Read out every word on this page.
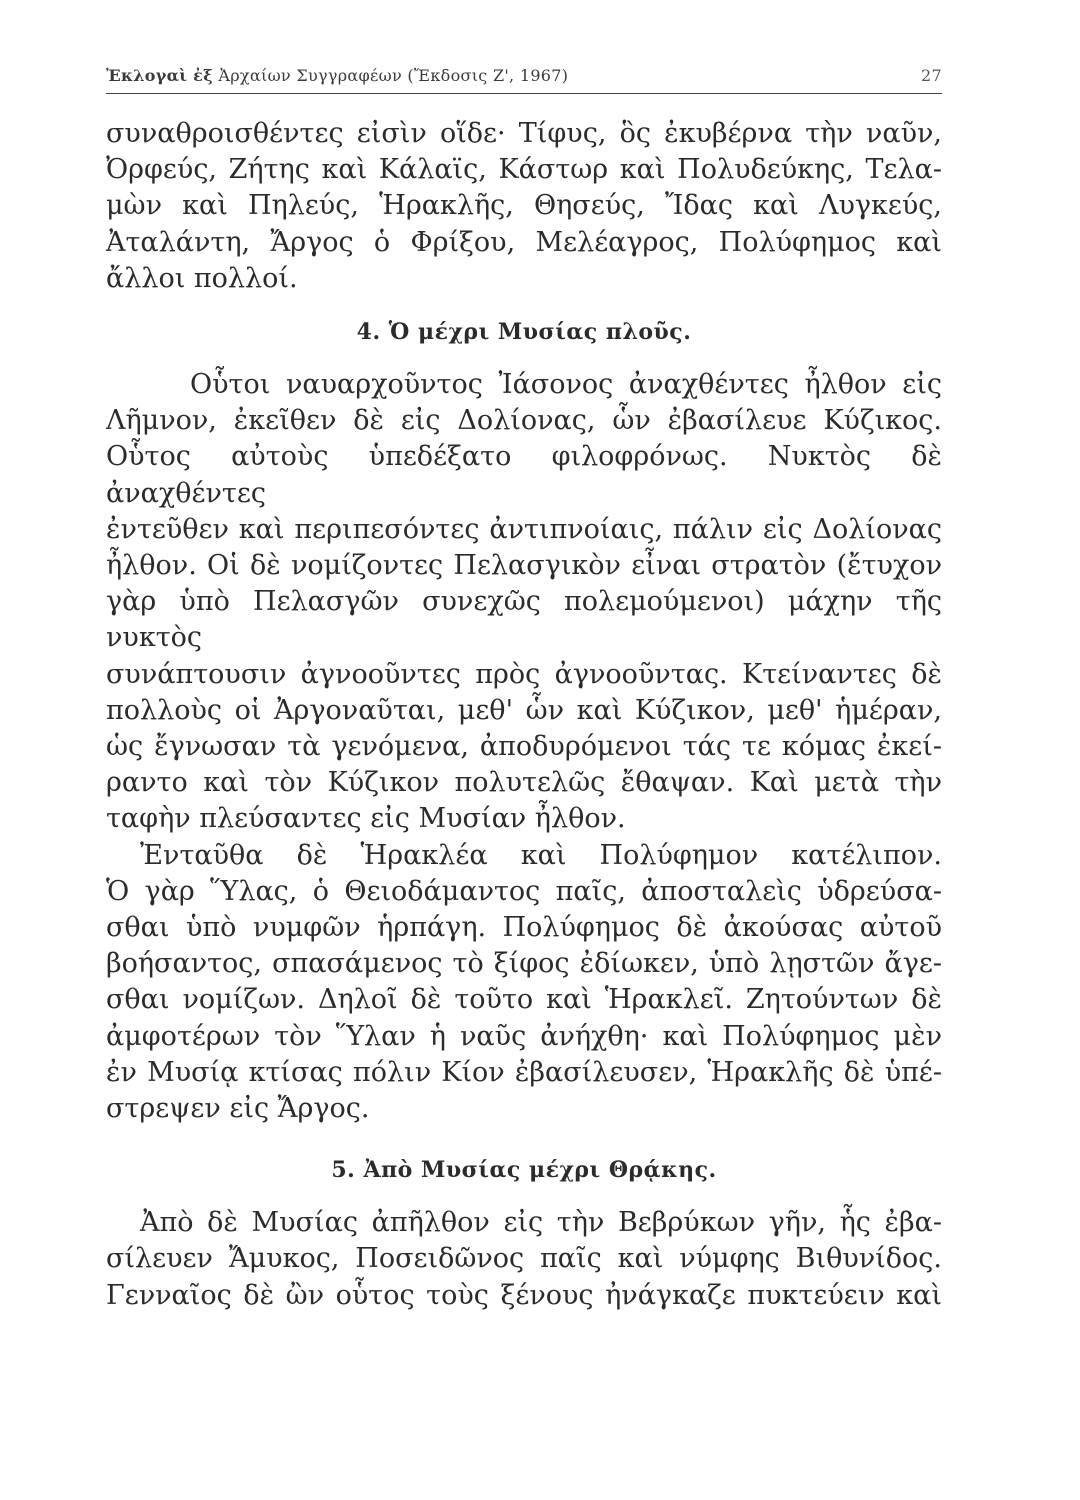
Ἐκλογαὶ ἐξ Ἀρχαίων Συγγραφέων (Ἔκδοσις Ζ', 1967)	27
συναθροισθέντες εἰσὶν οἵδε· Τίφυς, ὃς ἐκυβέρνα τὴν ναῦν,
Ὀρφεύς, Ζήτης καὶ Κάλαϊς, Κάστωρ καὶ Πολυδεύκης, Τελα-
μὼν καὶ Πηλεύς, Ἡρακλῆς, Θησεύς, Ἴδας καὶ Λυγκεύς,
Ἀταλάντη, Ἄργος ὁ Φρίξου, Μελέαγρος, Πολύφημος καὶ
ἄλλοι πολλοί.
4. Ὁ μέχρι Μυσίας πλοῦς.
Οὗτοι ναυαρχοῦντος Ἰάσονος ἀναχθέντες ἦλθον εἰς
Λῆμνον, ἐκεῖθεν δὲ εἰς Δολίονας, ὧν ἐβασίλευε Κύζικος.
Οὗτος αὐτοὺς ὑπεδέξατο φιλοφρόνως. Νυκτὸς δὲ ἀναχθέντες
ἐντεῦθεν καὶ περιπεσόντες ἀντιπνοίαις, πάλιν εἰς Δολίονας
ἦλθον. Οἱ δὲ νομίζοντες Πελασγικὸν εἶναι στρατὸν (ἔτυχον
γὰρ ὑπὸ Πελασγῶν συνεχῶς πολεμούμενοι) μάχην τῆς νυκτὸς
συνάπτουσιν ἀγνοοῦντες πρὸς ἀγνοοῦντας. Κτείναντες δὲ
πολλοὺς οἱ Ἀργοναῦται, μεθ' ὧν καὶ Κύζικον, μεθ' ἡμέραν,
ὡς ἔγνωσαν τὰ γενόμενα, ἀποδυρόμενοι τάς τε κόμας ἐκεί-
ραντο καὶ τὸν Κύζικον πολυτελῶς ἔθαψαν. Καὶ μετὰ τὴν
ταφὴν πλεύσαντες εἰς Μυσίαν ἦλθον.
Ἐνταῦθα δὲ Ἡρακλέα καὶ Πολύφημον κατέλιπον.
Ὁ γὰρ Ὕλας, ὁ Θειοδάμαντος παῖς, ἀποσταλεὶς ὑδρεύσα-
σθαι ὑπὸ νυμφῶν ἡρπάγη. Πολύφημος δὲ ἀκούσας αὐτοῦ
βοήσαντος, σπασάμενος τὸ ξίφος ἐδίωκεν, ὑπὸ λῃστῶν ἄγε-
σθαι νομίζων. Δηλοῖ δὲ τοῦτο καὶ Ἡρακλεῖ. Ζητούντων δὲ
ἀμφοτέρων τὸν Ὕλαν ἡ ναῦς ἀνήχθη· καὶ Πολύφημος μὲν
ἐν Μυσίᾳ κτίσας πόλιν Κίον ἐβασίλευσεν, Ἡρακλῆς δὲ ὑπέ-
στρεψεν εἰς Ἄργος.
5. Ἀπὸ Μυσίας μέχρι Θρᾴκης.
Ἀπὸ δὲ Μυσίας ἀπῆλθον εἰς τὴν Βεβρύκων γῆν, ἧς ἐβα-
σίλευεν Ἄμυκος, Ποσειδῶνος παῖς καὶ νύμφης Βιθυνίδος.
Γενναῖος δὲ ὢν οὗτος τοὺς ξένους ἠνάγκαζε πυκτεύειν καὶ
